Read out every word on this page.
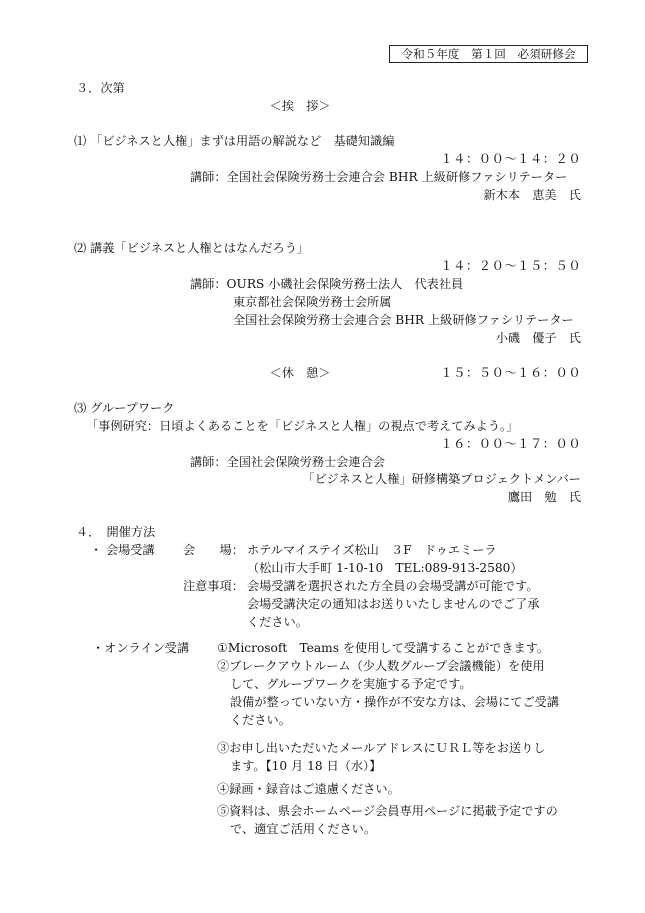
令和５年度　第１回　必須研修会
３．次第
＜挨　拶＞
⑴ 「ビジネスと人権」まずは用語の解説など　基礎知識編
１４：００～１４：２０
講師：全国社会保険労務士会連合会 BHR 上級研修ファシリテーター
新木本　恵美　氏
⑵ 講義「ビジネスと人権とはなんだろう」
１４：２０～１５：５０
講師：OURS 小磯社会保険労務士法人　代表社員
東京都社会保険労務士会所属
全国社会保険労務士会連合会 BHR 上級研修ファシリテーター
小磯　優子　氏
＜休　憩＞	１５：５０～１６：００
⑶ グループワーク
「事例研究：日頃よくあることを「ビジネスと人権」の視点で考えてみよう。」
１６：００～１７：００
講師：全国社会保険労務士会連合会
「ビジネスと人権」研修構築プロジェクトメンバー
鷹田　勉　氏
４．　開催方法
・ 会場受講 会　　場： ホテルマイステイズ松山　３F　ドゥエミーラ
（松山市大手町 1-10-10　TEL:089-913-2580）
注意事項： 会場受講を選択された方全員の会場受講が可能です。
会場受講決定の通知はお送りいたしませんのでご了承
ください。
・オンライン受講 ①Microsoft　Teams を使用して受講することができます。
②ブレークアウトルーム（少人数グループ会議機能）を使用
して、グループワークを実施する予定です。
設備が整っていない方・操作が不安な方は、会場にてご受講
ください。
③お申し出いただいたメールアドレスにＵＲＬ等をお送りし
ます。【10 月 18 日（水）】
④録画・録音はご遠慮ください。
⑤資料は、県会ホームページ会員専用ページに掲載予定ですの
で、適宜ご活用ください。
